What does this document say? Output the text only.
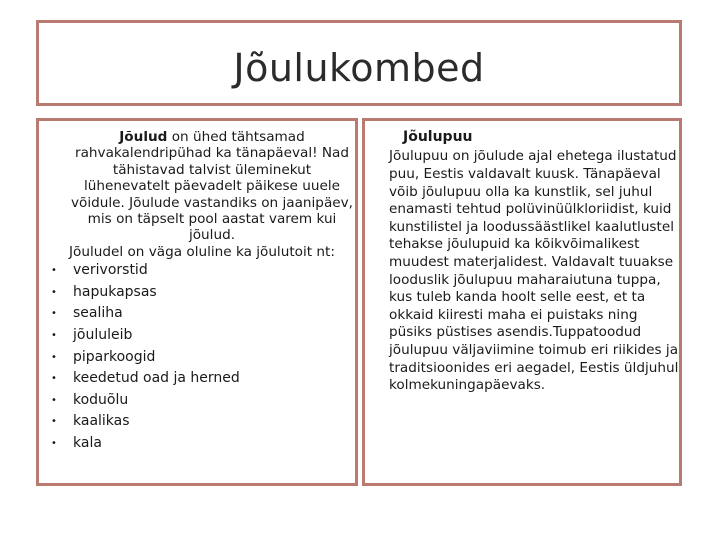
Jõulukombed

Jõulud on ühed tähtsamad rahvakalendripühad ka tänapäeval! Nad tähistavad talvist üleminekut lühenevatelt päevadelt päikese uuele võidule. Jõulude vastandiks on jaanipäev, mis on täpselt pool aastat varem kui jõulud.

Jõuludel on väga oluline ka jõulutoit nt:

• verivorstid
• hapukapsas
• sealiha
• jõululeib
• piparkoogid
• keedetud oad ja herned
• koduõlu
• kaalikas
• kala

Jõulupuu

Jõulupuu on jõulude ajal ehetega ilustatud puu, Eestis valdavalt kuusk. Tänapäeval võib jõulupuu olla ka kunstlik, sel juhul enamasti tehtud polüvinüülkloriidist, kuid kunstilistel ja loodussäästlikel kaalutlustel tehakse jõulupuid ka kõikvõimalikest muudest materjalidest. Valdavalt tuuakse looduslik jõulupuu maharaiutuna tuppa, kus tuleb kanda hoolt selle eest, et ta okkaid kiiresti maha ei puistaks ning püsiks püstises asendis.Tuppatoodud jõulupuu väljaviimine toimub eri riikides ja traditsioonides eri aegadel, Eestis üldjuhul kolmekuningapäevaks.
